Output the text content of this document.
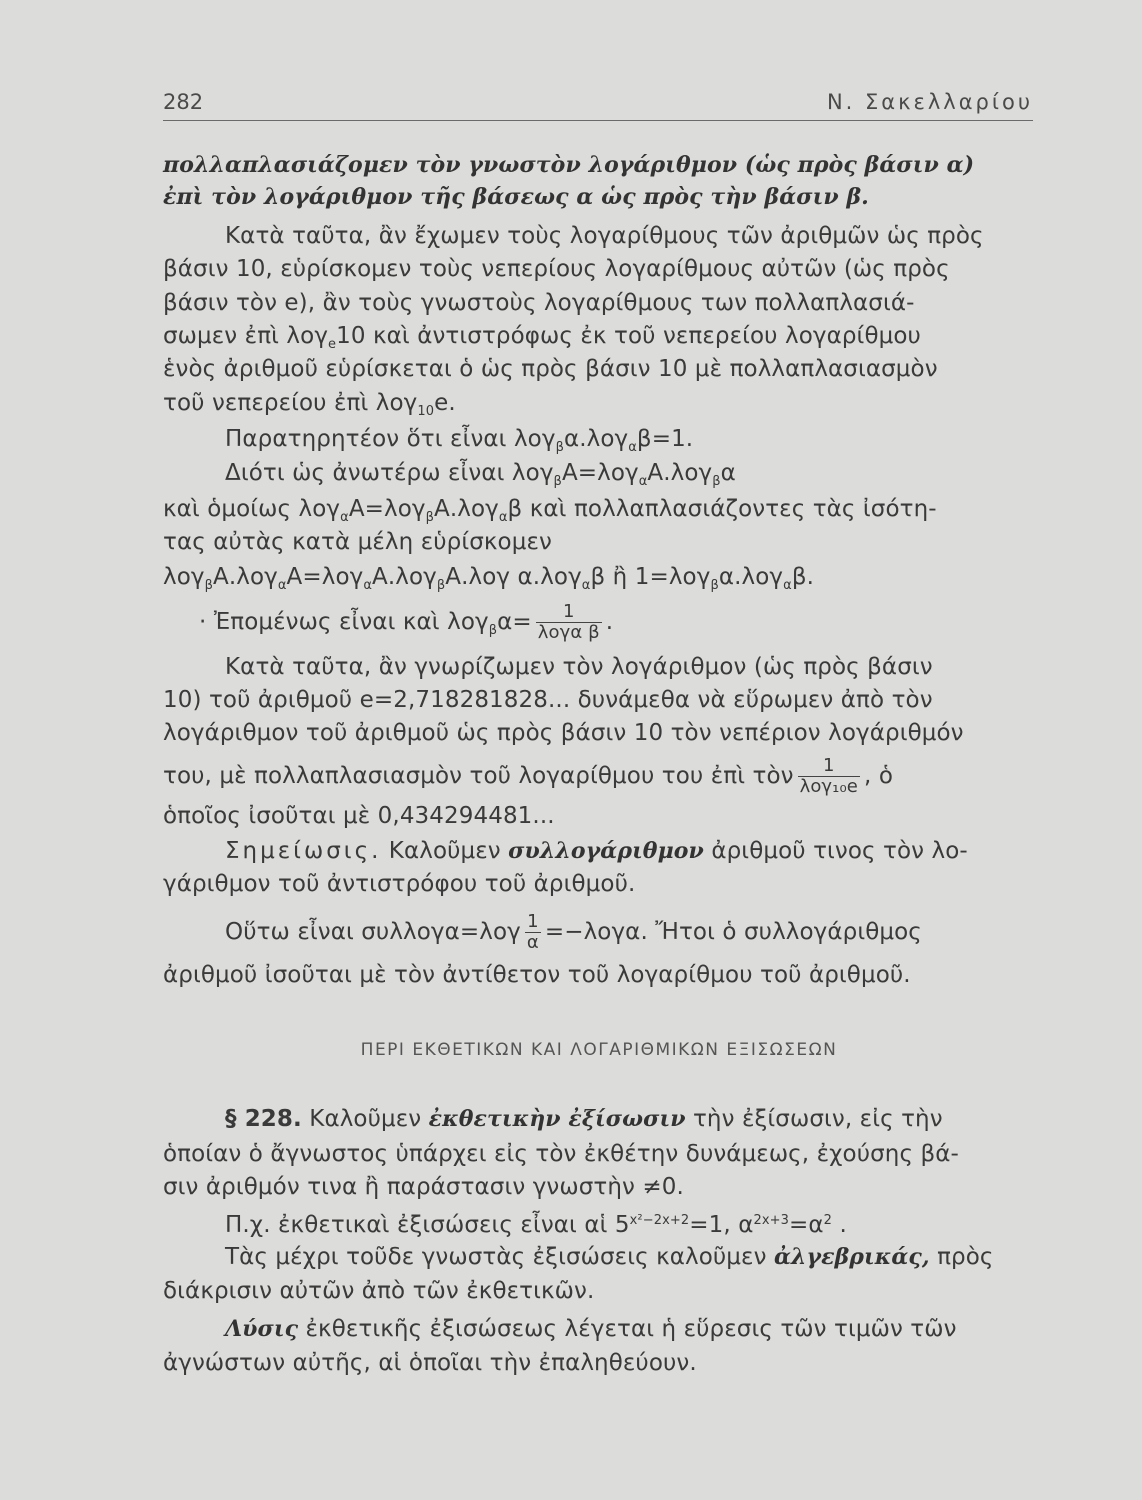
282	Ν. Σακελλαρίου
πολλαπλασιάζομεν τὸν γνωστὸν λογάριθμον (ὡς πρὸς βάσιν α)
ἐπὶ τὸν λογάριθμον τῆς βάσεως α ὡς πρὸς τὴν βάσιν β.
Κατὰ ταῦτα, ἂν ἔχωμεν τοὺς λογαρίθμους τῶν ἀριθμῶν ὡς πρὸς
βάσιν 10, εὑρίσκομεν τοὺς νεπερίους λογαρίθμους αὐτῶν (ὡς πρὸς
βάσιν τὸν e), ἂν τοὺς γνωστοὺς λογαρίθμους των πολλαπλασιά-
σωμεν ἐπὶ λογ$_e$10 καὶ ἀντιστρόφως ἐκ τοῦ νεπερείου λογαρίθμου
ἑνὸς ἀριθμοῦ εὑρίσκεται ὁ ὡς πρὸς βάσιν 10 μὲ πολλαπλασιασμὸν
τοῦ νεπερείου ἐπὶ λογ$_{10}$e.
Παρατηρητέον ὅτι εἶναι λογ$_\beta$α.λογ$_\alpha$β=1.
Διότι ὡς ἀνωτέρω εἶναι λογ$_\beta$Α=λογ$_\alpha$Α.λογ$_\beta$α
καὶ ὁμοίως λογ$_\alpha$Α=λογ$_\beta$Α.λογ$_\alpha$β καὶ πολλαπλασιάζοντες τὰς ἰσότη-
τας αὐτὰς κατὰ μέλη εὑρίσκομεν
λογ$_\beta$Α.λογ$_\alpha$Α=λογ$_\alpha$Α.λογ$_\beta$Α.λογ α.λογ$_\alpha$β ἢ 1=λογ$_\beta$α.λογ$_\alpha$β.
· Ἐπομένως εἶναι καὶ $\lambda o\gamma_\beta\alpha= \frac{1}{\text{λογα β}}$ .
Κατὰ ταῦτα, ἂν γνωρίζωμεν τὸν λογάριθμον (ὡς πρὸς βάσιν
10) τοῦ ἀριθμοῦ e=2,718281828... δυνάμεθα νὰ εὕρωμεν ἀπὸ τὸν
λογάριθμον τοῦ ἀριθμοῦ ὡς πρὸς βάσιν 10 τὸν νεπέριον λογάριθμόν
του, μὲ πολλαπλασιασμὸν τοῦ λογαρίθμου του ἐπὶ τὸν $\frac{1}{\text{λογ₁₀e}}$ , ὁ
ὁποῖος ἰσοῦται μὲ 0,434294481...
Σημείωσις. Καλοῦμεν συλλογάριθμον ἀριθμοῦ τινος τὸν λο-
γάριθμον τοῦ ἀντιστρόφου τοῦ ἀριθμοῦ.
Οὕτω εἶναι $\sigma\upsilon\lambda\lambda o\gamma\alpha=\lambda o\gamma \frac{1}{\alpha} =-\lambda o\gamma\alpha$. Ἤτοι ὁ συλλογάριθμος
ἀριθμοῦ ἰσοῦται μὲ τὸν ἀντίθετον τοῦ λογαρίθμου τοῦ ἀριθμοῦ.
ΠΕΡΙ ΕΚΘΕΤΙΚΩΝ ΚΑΙ ΛΟΓΑΡΙΘΜΙΚΩΝ ΕΞΙΣΩΣΕΩΝ
§ 228. Καλοῦμεν ἐκθετικὴν ἐξίσωσιν τὴν ἐξίσωσιν, εἰς τὴν
ὁποίαν ὁ ἄγνωστος ὑπάρχει εἰς τὸν ἐκθέτην δυνάμεως, ἐχούσης βά-
σιν ἀριθμόν τινα ἢ παράστασιν γνωστὴν ≠0.
Π.χ. ἐκθετικαὶ ἐξισώσεις εἶναι αἱ $5^{x^2-2x+2}=1$, $\alpha^{2x+3}=\alpha^2$ .
Τὰς μέχρι τοῦδε γνωστὰς ἐξισώσεις καλοῦμεν ἀλγεβρικάς, πρὸς
διάκρισιν αὐτῶν ἀπὸ τῶν ἐκθετικῶν.
Λύσις ἐκθετικῆς ἐξισώσεως λέγεται ἡ εὕρεσις τῶν τιμῶν τῶν
ἀγνώστων αὐτῆς, αἱ ὁποῖαι τὴν ἐπαληθεύουν.
